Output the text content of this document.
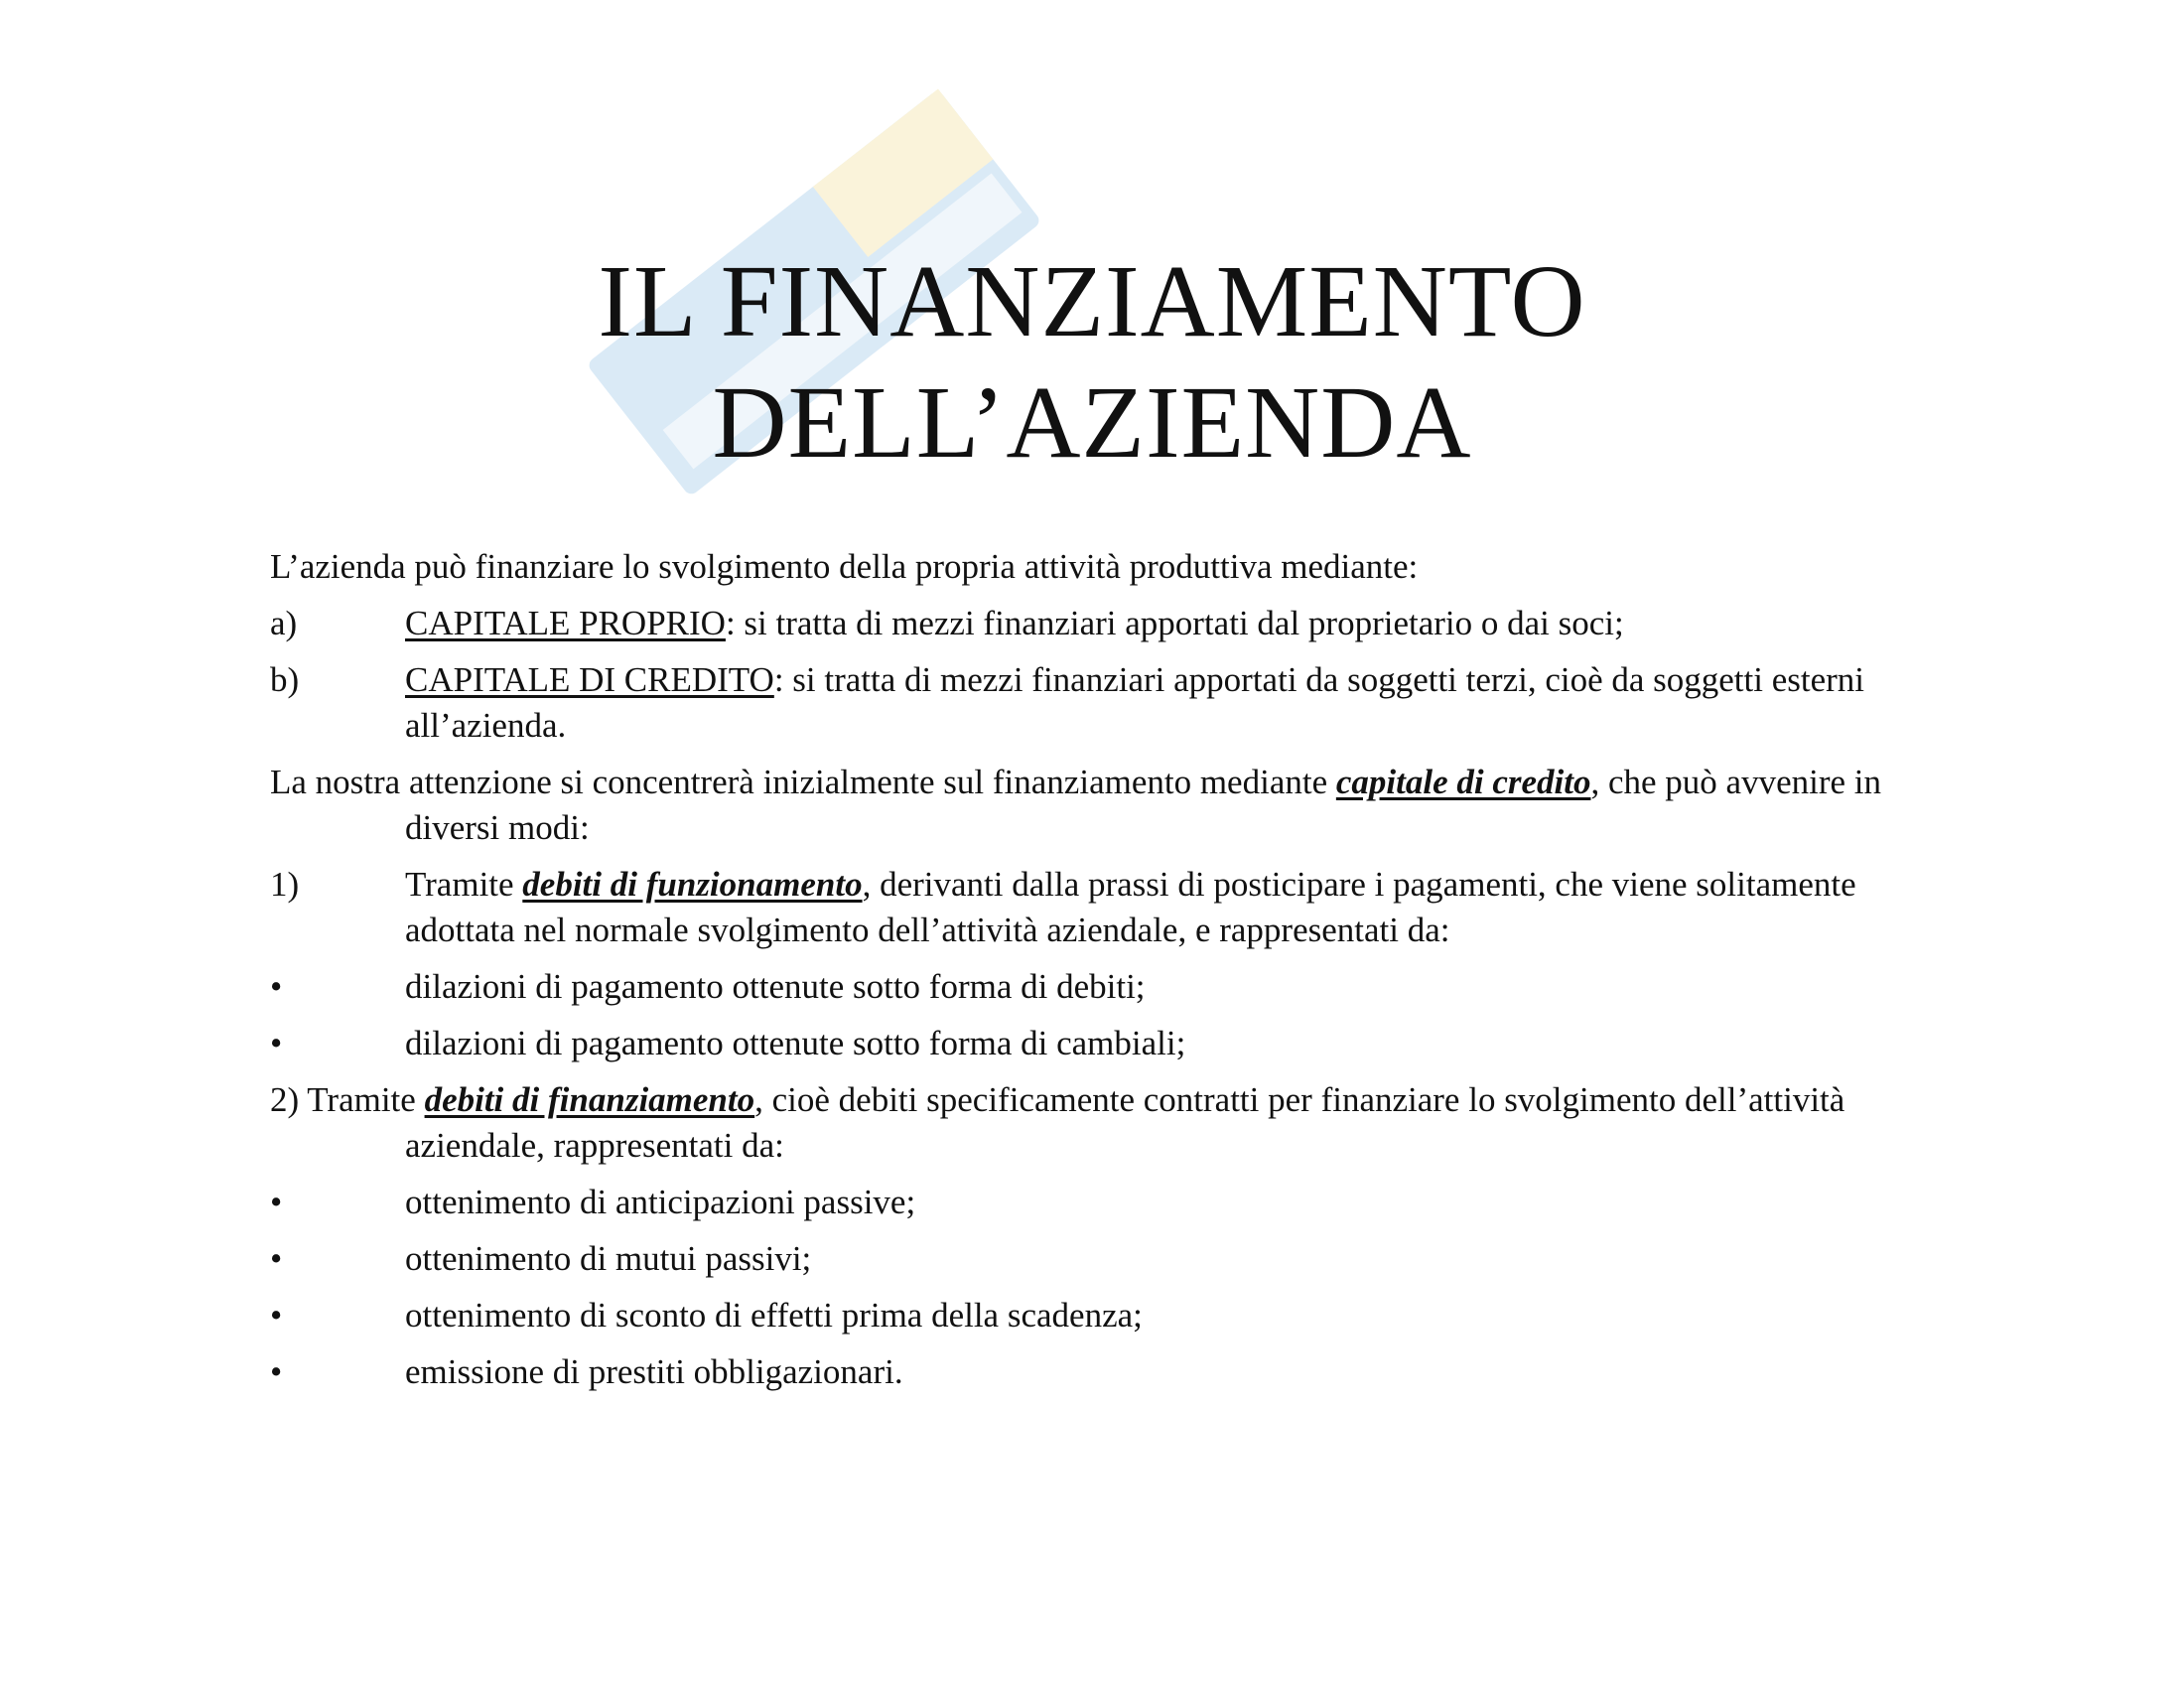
IL FINANZIAMENTO
DELL’AZIENDA

L’azienda può finanziare lo svolgimento della propria attività produttiva mediante:

a)	CAPITALE PROPRIO: si tratta di mezzi finanziari apportati dal proprietario o dai soci;
b)	CAPITALE DI CREDITO: si tratta di mezzi finanziari apportati da soggetti terzi, cioè da soggetti esterni all’azienda.

La nostra attenzione si concentrerà inizialmente sul finanziamento mediante capitale di credito, che può avvenire in diversi modi:

1)	Tramite debiti di funzionamento, derivanti dalla prassi di posticipare i pagamenti, che viene solitamente adottata nel normale svolgimento dell’attività aziendale, e rappresentati da:
•	dilazioni di pagamento ottenute sotto forma di debiti;
•	dilazioni di pagamento ottenute sotto forma di cambiali;

2) Tramite debiti di finanziamento, cioè debiti specificamente contratti per finanziare lo svolgimento dell’attività aziendale, rappresentati da:

•	ottenimento di anticipazioni passive;
•	ottenimento di mutui passivi;
•	ottenimento di sconto di effetti prima della scadenza;
•	emissione di prestiti obbligazionari.
